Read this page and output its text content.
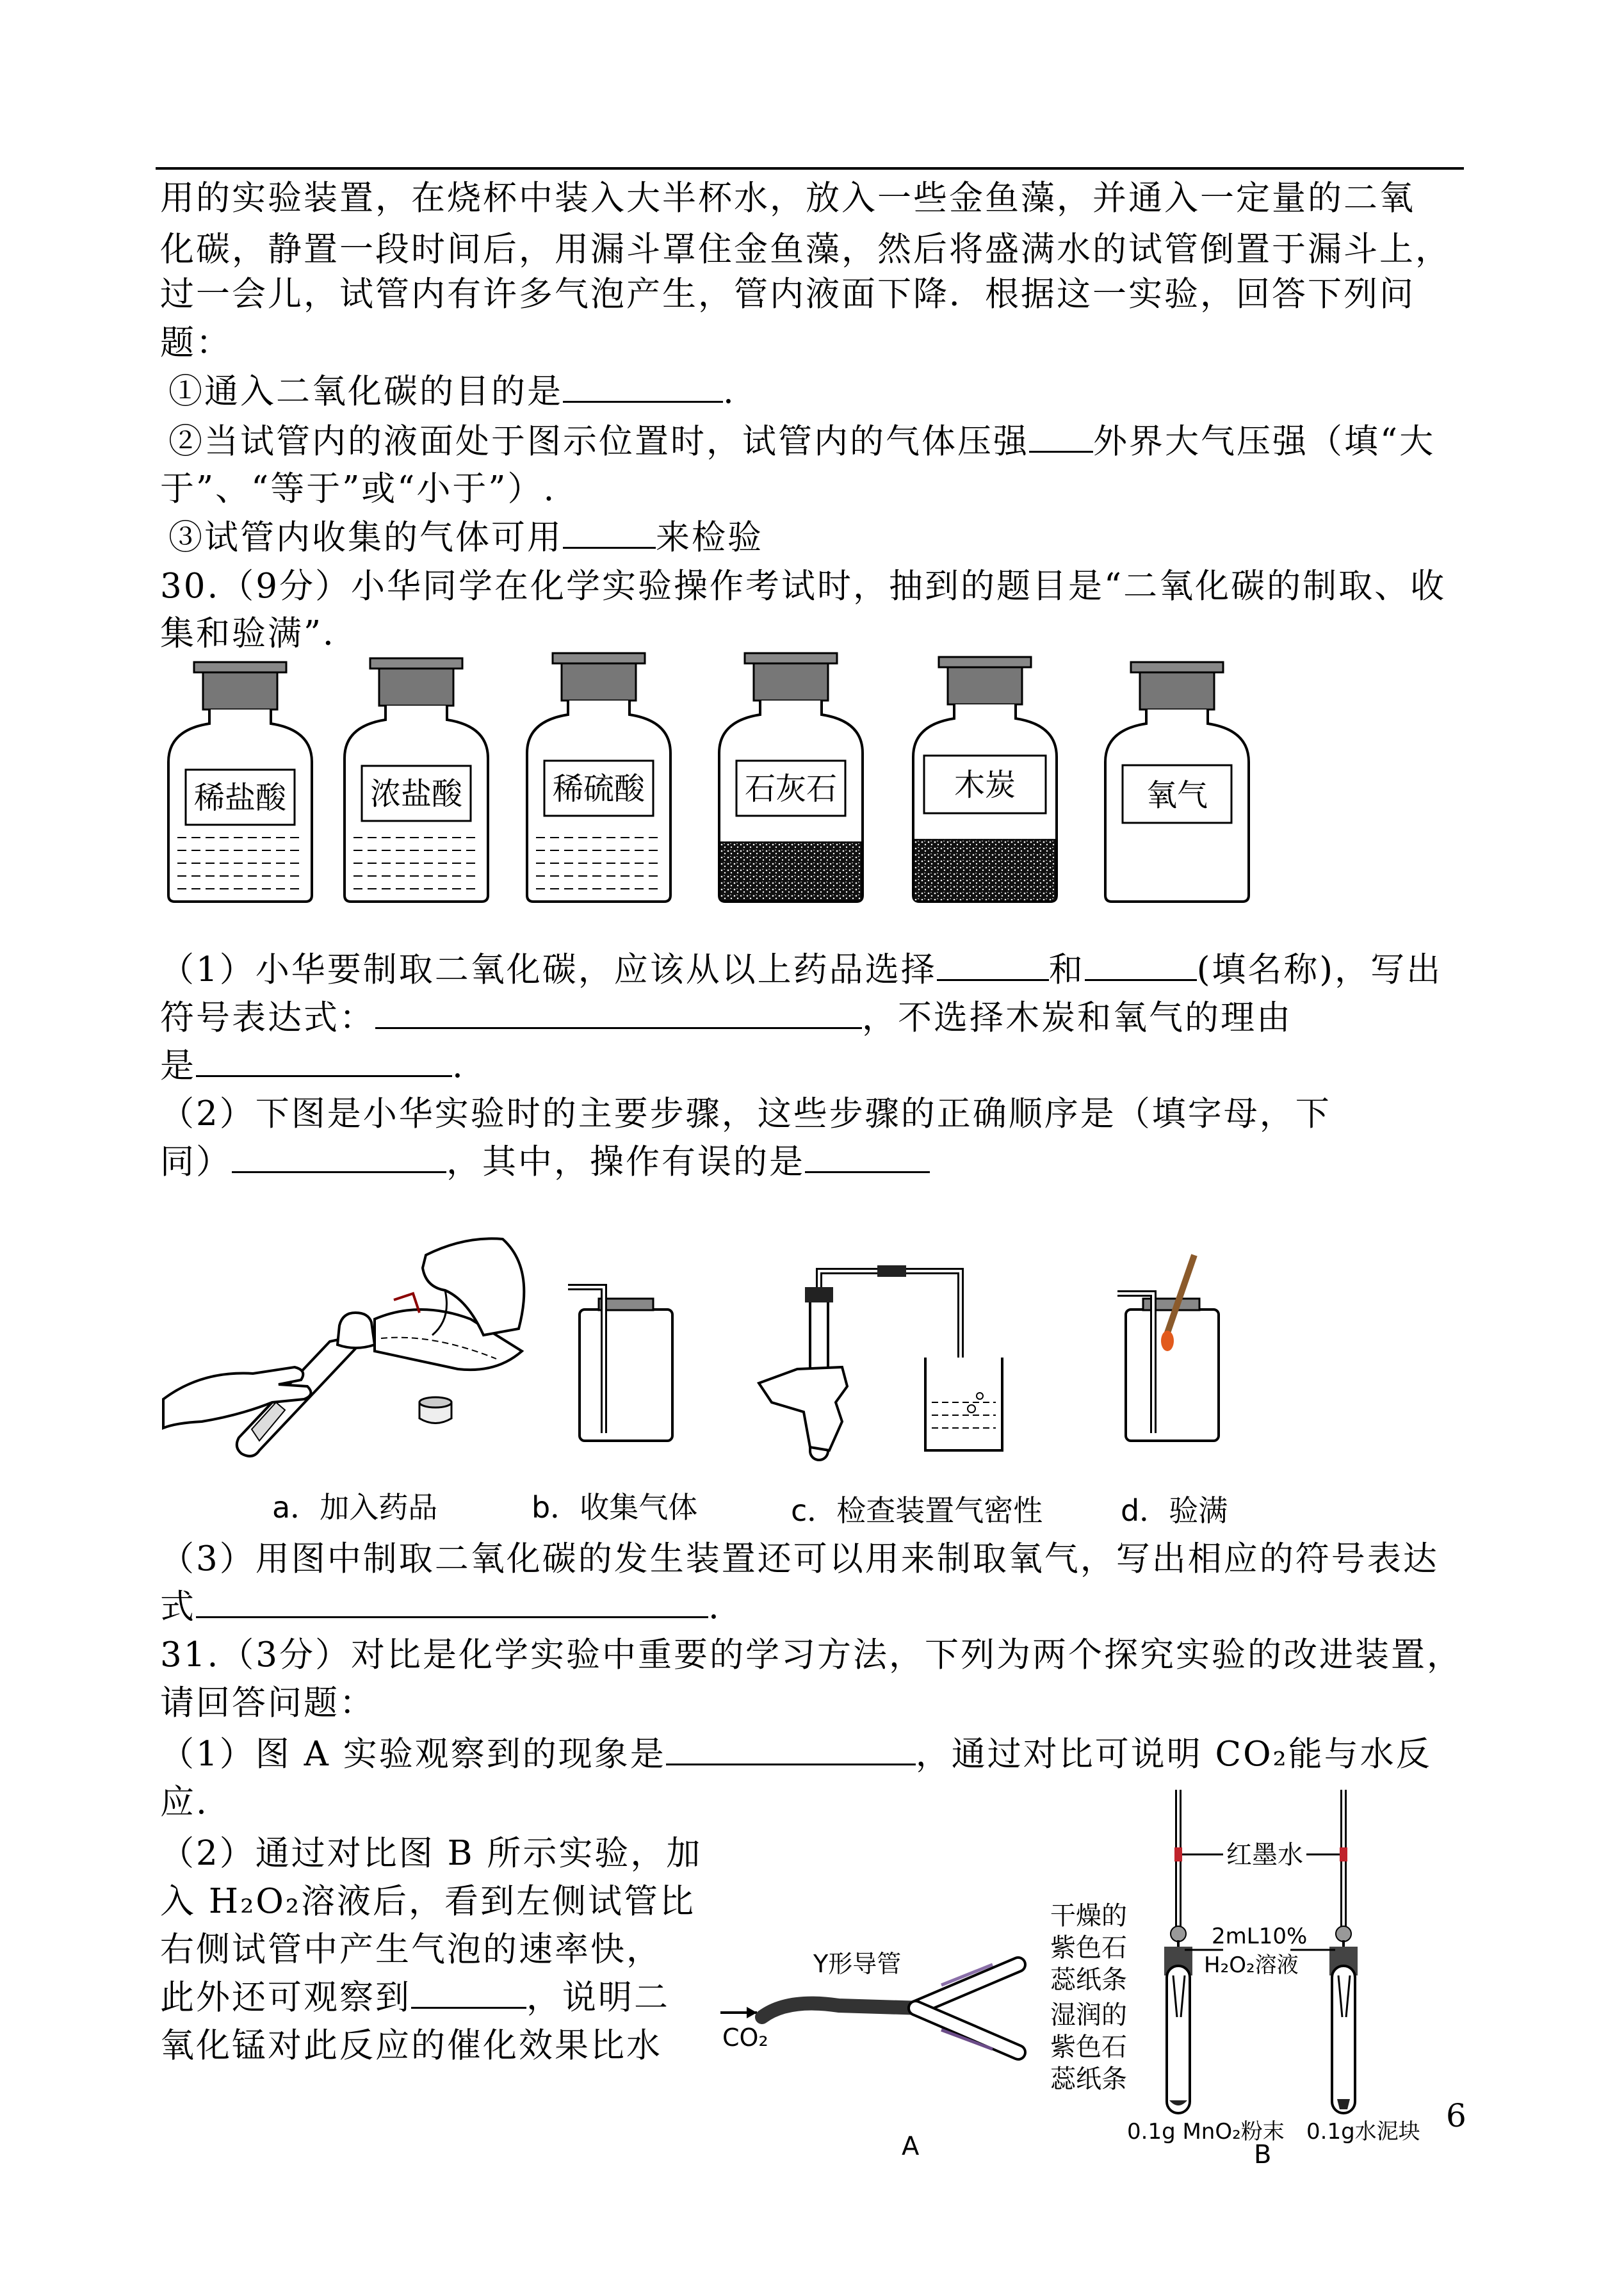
用的实验装置，在烧杯中装入大半杯水，放入一些金鱼藻，并通入一定量的二氧
化碳，静置一段时间后，用漏斗罩住金鱼藻，然后将盛满水的试管倒置于漏斗上，
过一会儿，试管内有许多气泡产生，管内液面下降．根据这一实验，回答下列问
题：
①通入二氧化碳的目的是	.
②当试管内的液面处于图示位置时，试管内的气体压强 外界大气压强（填“大
于”、“等于”或“小于”）.
③试管内收集的气体可用	来检验
30.（9分）小华同学在化学实验操作考试时，抽到的题目是“二氧化碳的制取、收
集和验满”．
稀盐酸	浓盐酸	稀硫酸	石灰石	木炭	氧气
（1）小华要制取二氧化碳，应该从以上药品选择	和	(填名称)，写出
符号表达式：	，不选择木炭和氧气的理由
是	.
（2）下图是小华实验时的主要步骤，这些步骤的正确顺序是（填字母，下
同）	，其中，操作有误的是
a．加入药品	b．收集气体	c．检查装置气密性	d．验满
（3）用图中制取二氧化碳的发生装置还可以用来制取氧气，写出相应的符号表达
式	.
31.（3分）对比是化学实验中重要的学习方法，下列为两个探究实验的改进装置，
请回答问题：
（1）图 A 实验观察到的现象是	，通过对比可说明 CO₂能与水反
应.
（2）通过对比图 B 所示实验，加
入 H₂O₂溶液后，看到左侧试管比
右侧试管中产生气泡的速率快，
此外还可观察到	，说明二
氧化锰对此反应的催化效果比水
Y形导管
CO₂
干燥的
紫色石
蕊纸条
湿润的
紫色石
蕊纸条
A
红墨水
2mL10%
H₂O₂溶液
0.1g MnO₂粉末 0.1g水泥块
B
6
